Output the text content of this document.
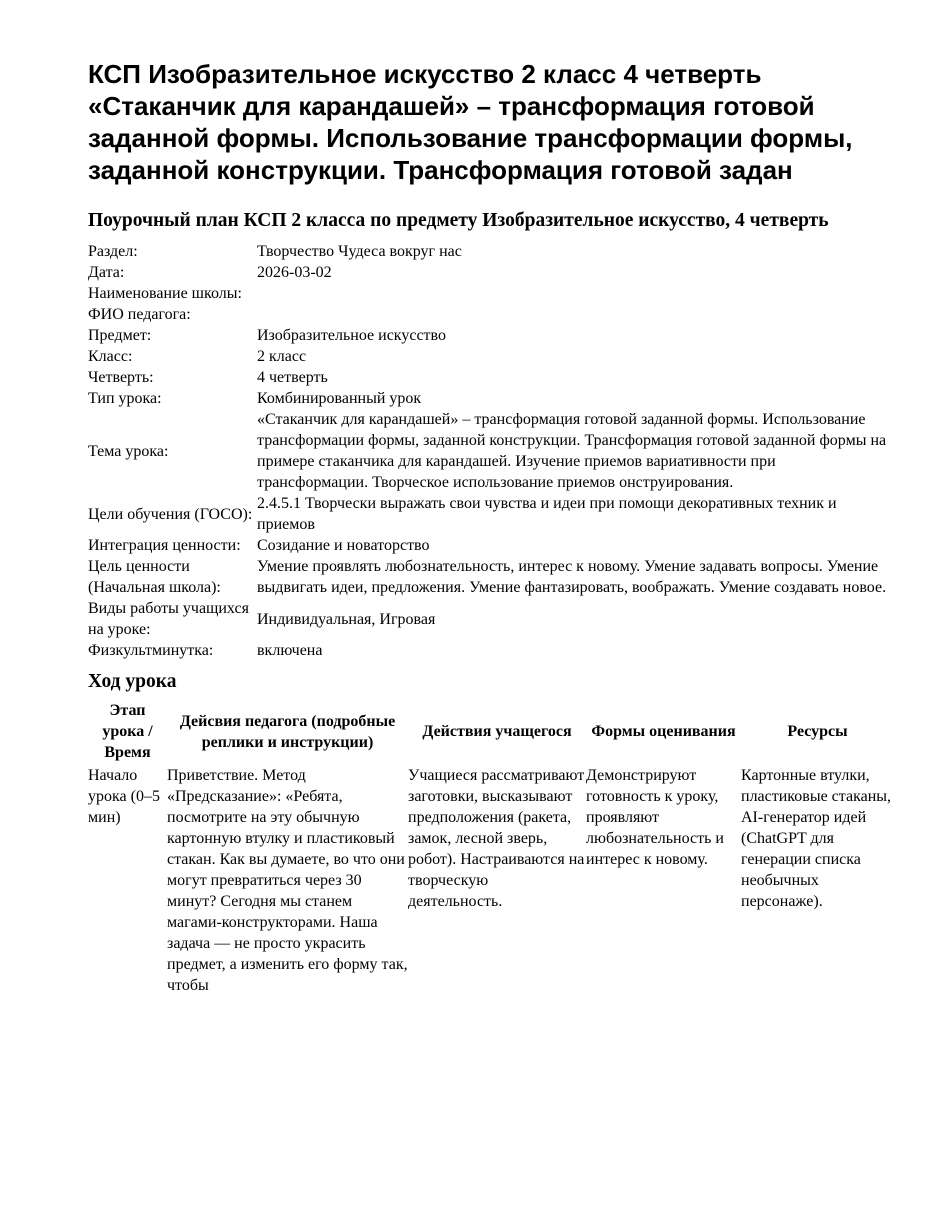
КСП Изобразительное искусство 2 класс 4 четверть «Стаканчик для карандашей» – трансформация готовой заданной формы. Использование трансформации формы, заданной конструкции. Трансформация готовой задан
Поурочный план КСП 2 класса по предмету Изобразительное искусство, 4 четверть
Раздел:	Творчество Чудеса вокруг нас
Дата:	2026-03-02
Наименование школы:	
ФИО педагога:	
Предмет:	Изобразительное искусство
Класс:	2 класс
Четверть:	4 четверть
Тип урока:	Комбинированный урок
Тема урока:	«Стаканчик для карандашей» – трансформация готовой заданной формы. Использование трансформации формы, заданной конструкции. Трансформация готовой заданной формы на примере стаканчика для карандашей. Изучение приемов вариативности при трансформации. Творческое использование приемов онструирования.
Цели обучения (ГОСО):	2.4.5.1 Творчески выражать свои чувства и идеи при помощи декоративных техник и приемов
Интеграция ценности:	Созидание и новаторство
Цель ценности (Начальная школа):	Умение проявлять любознательность, интерес к новому. Умение задавать вопросы. Умение выдвигать идеи, предложения. Умение фантазировать, воображать. Умение создавать новое.
Виды работы учащихся на уроке:	Индивидуальная, Игровая
Физкультминутка:	включена
Ход урока
Этап урока / Время	Дейсвия педагога (подробные реплики и инструкции)	Действия учащегося	Формы оценивания	Ресурсы
Начало урока (0–5 мин)	Приветствие. Метод «Предсказание»: «Ребята, посмотрите на эту обычную картонную втулку и пластиковый стакан. Как вы думаете, во что они могут превратиться через 30 минут? Сегодня мы станем магами-конструкторами. Наша задача — не просто украсить предмет, а изменить его форму так, чтобы	Учащиеся рассматривают заготовки, высказывают предположения (ракета, замок, лесной зверь, робот). Настраиваются на творческую деятельность.	Демонстрируют готовность к уроку, проявляют любознательность и интерес к новому.	Картонные втулки, пластиковые стаканы, AI-генератор идей (ChatGPT для генерации списка необычных персонаже).
